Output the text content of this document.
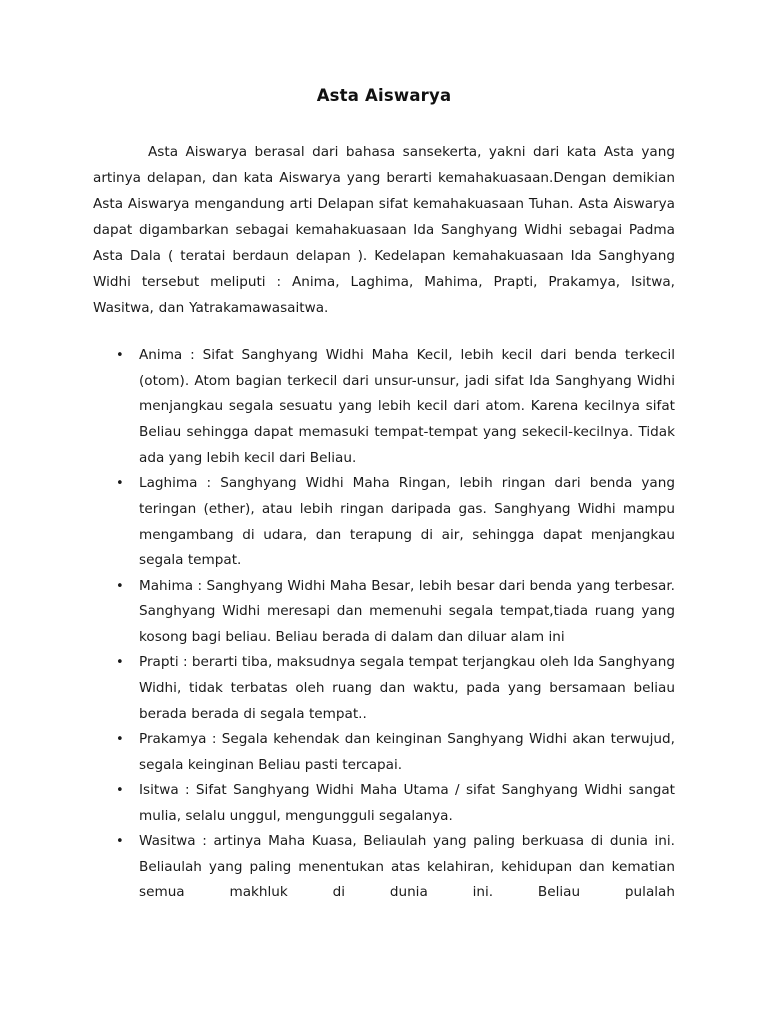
Asta Aiswarya

Asta Aiswarya berasal dari bahasa sansekerta, yakni dari kata Asta yang artinya delapan, dan kata Aiswarya yang berarti kemahakuasaan.Dengan demikian Asta Aiswarya mengandung arti Delapan sifat kemahakuasaan Tuhan. Asta Aiswarya dapat digambarkan sebagai kemahakuasaan Ida Sanghyang Widhi sebagai Padma Asta Dala ( teratai berdaun delapan ). Kedelapan kemahakuasaan Ida Sanghyang Widhi tersebut meliputi : Anima, Laghima, Mahima, Prapti, Prakamya, Isitwa, Wasitwa, dan Yatrakamawasaitwa.

• Anima : Sifat Sanghyang Widhi Maha Kecil, lebih kecil dari benda terkecil (otom). Atom bagian terkecil dari unsur-unsur, jadi sifat Ida Sanghyang Widhi menjangkau segala sesuatu yang lebih kecil dari atom. Karena kecilnya sifat Beliau sehingga dapat memasuki tempat-tempat yang sekecil-kecilnya. Tidak ada yang lebih kecil dari Beliau.
• Laghima : Sanghyang Widhi Maha Ringan, lebih ringan dari benda yang teringan (ether), atau lebih ringan daripada gas. Sanghyang Widhi mampu mengambang di udara, dan terapung di air, sehingga dapat menjangkau segala tempat.
• Mahima : Sanghyang Widhi Maha Besar, lebih besar dari benda yang terbesar. Sanghyang Widhi meresapi dan memenuhi segala tempat,tiada ruang yang kosong bagi beliau. Beliau berada di dalam dan diluar alam ini
• Prapti : berarti tiba, maksudnya segala tempat terjangkau oleh Ida Sanghyang Widhi, tidak terbatas oleh ruang dan waktu, pada yang bersamaan beliau berada berada di segala tempat..
• Prakamya : Segala kehendak dan keinginan Sanghyang Widhi akan terwujud, segala keinginan Beliau pasti tercapai.
• Isitwa : Sifat Sanghyang Widhi Maha Utama / sifat Sanghyang Widhi sangat mulia, selalu unggul, mengungguli segalanya.
• Wasitwa : artinya Maha Kuasa, Beliaulah yang paling berkuasa di dunia ini. Beliaulah yang paling menentukan atas kelahiran, kehidupan dan kematian semua makhluk di dunia ini. Beliau pulalah
